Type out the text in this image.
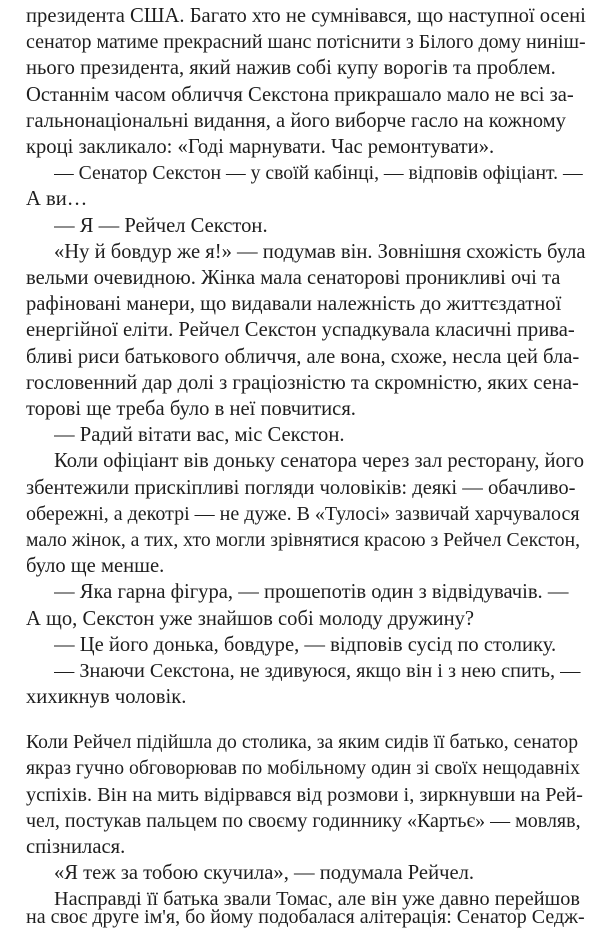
президента США. Багато хто не сумнівався, що наступної осені
сенатор матиме прекрасний шанс потіснити з Білого дому нинiш-
нього президента, який нажив собі купу ворогів та проблем.
Останнім часом обличчя Секстона прикрашало мало не всі за-
гальнонаціональні видання, а його виборче гасло на кожному
кроці закликало: «Годі марнувати. Час ремонтувати».
— Сенатор Секстон — у своїй кабінці, — відповів офіціант. —
А ви…
— Я — Рейчел Секстон.
«Ну й бовдур же я!» — подумав він. Зовнішня схожість була
вельми очевидною. Жінка мала сенаторові проникливі очі та
рафіновані манери, що видавали належність до життєздатної
енергійної еліти. Рейчел Секстон успадкувала класичні прива-
бливі риси батькового обличчя, але вона, схоже, несла цей бла-
гословенний дар долі з граціозністю та скромністю, яких сена-
торові ще треба було в неї повчитися.
— Радий вітати вас, міс Секстон.
Коли офіціант вів доньку сенатора через зал ресторану, його
збентежили прискіпливі погляди чоловіків: деякі — обачливо-
обережні, а декотрі — не дуже. В «Тулосі» зазвичай харчувалося
мало жінок, а тих, хто могли зрівнятися красою з Рейчел Секстон,
було ще менше.
— Яка гарна фігура, — прошепотів один з відвідувачів. —
А що, Секстон уже знайшов собі молоду дружину?
— Це його донька, бовдуре, — відповів сусід по столику.
— Знаючи Секстона, не здивуюся, якщо він і з нею спить, —
хихикнув чоловік.
Коли Рейчел підійшла до столика, за яким сидів її батько, сенатор
якраз гучно обговорював по мобільному один зі своїх нещодавніх
успіхів. Він на мить відірвався від розмови і, зиркнувши на Рей-
чел, постукав пальцем по своєму годиннику «Картьє» — мовляв,
спізнилася.
«Я теж за тобою скучила», — подумала Рейчел.
Насправді її батька звали Томас, але він уже давно перейшов
на своє друге ім'я, бо йому подобалася алітерація: Сенатор Седж-
